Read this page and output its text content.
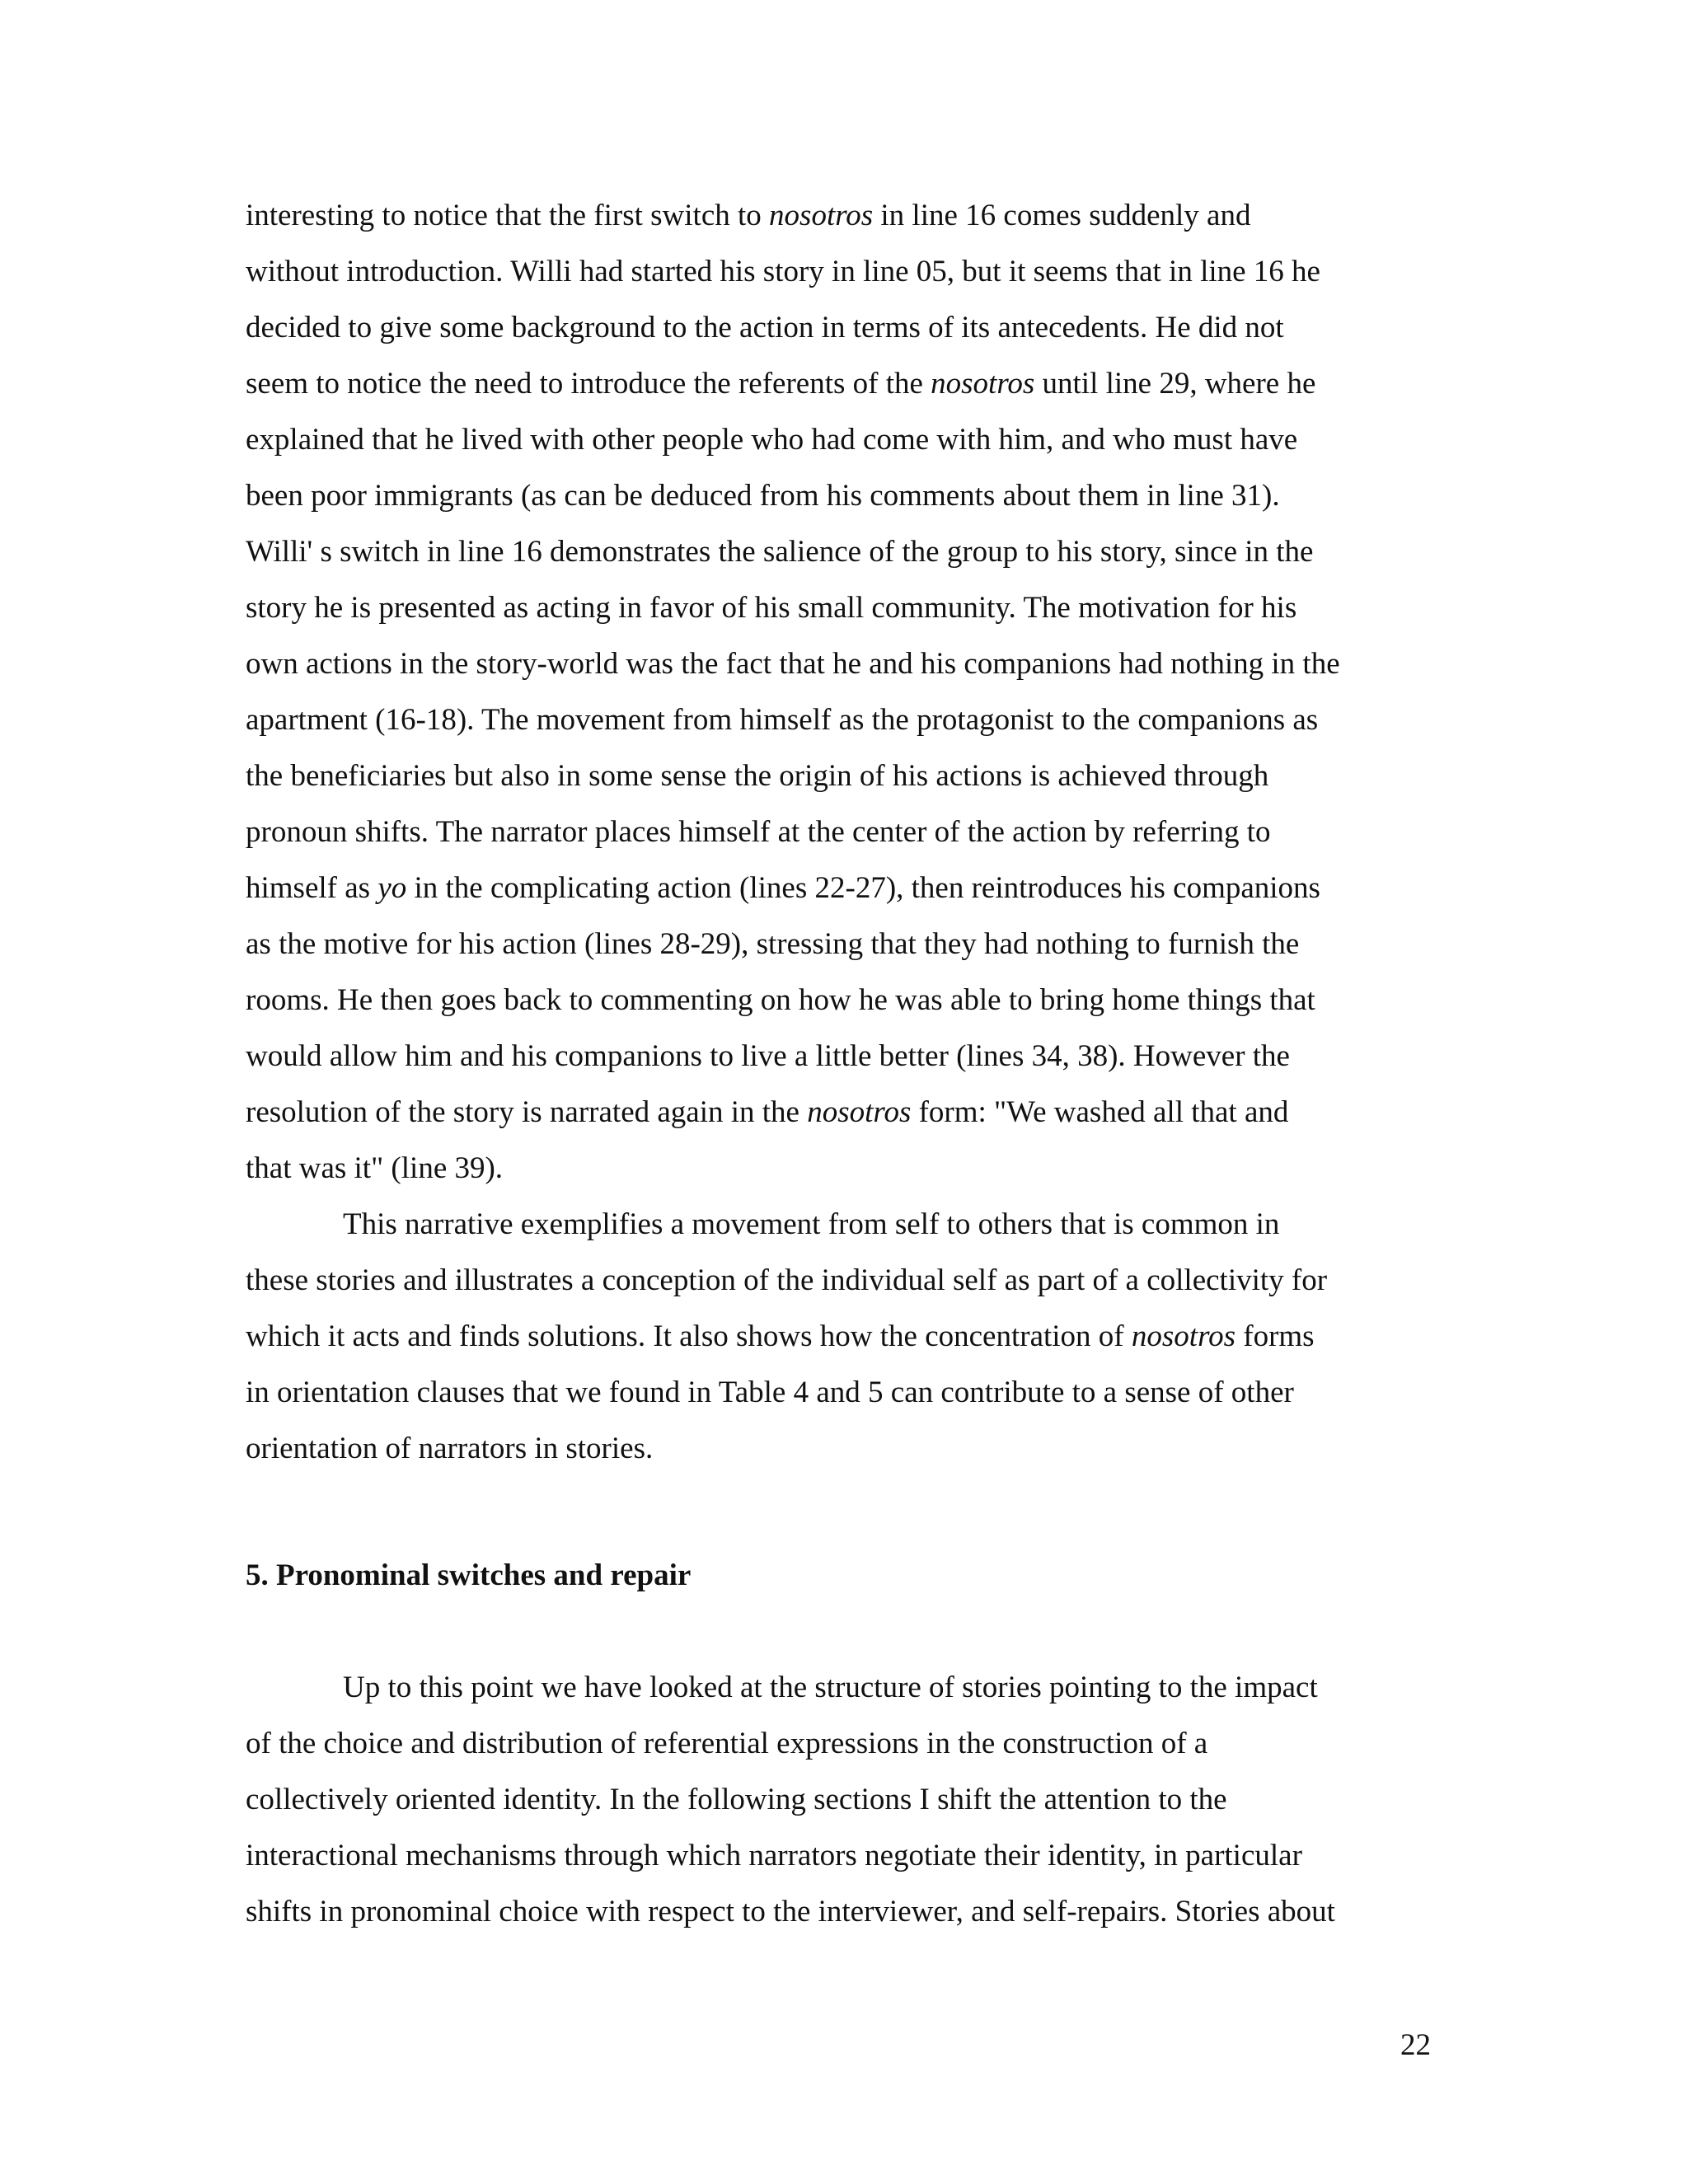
interesting to notice that the first switch to nosotros in line 16 comes suddenly and
without introduction. Willi had started his story in line 05, but it seems that in line 16 he
decided to give some background to the action in terms of its antecedents. He did not
seem to notice the need to introduce the referents of the nosotros until line 29, where he
explained that he lived with other people who had come with him, and who must have
been poor immigrants (as can be deduced from his comments about them in line 31).
Willi' s switch in line 16 demonstrates the salience of the group to his story, since in the
story he is presented as acting in favor of his small community. The motivation for his
own actions in the story-world was the fact that he and his companions had nothing in the
apartment (16-18). The movement from himself as the protagonist to the companions as
the beneficiaries but also in some sense the origin of his actions is achieved through
pronoun shifts. The narrator places himself at the center of the action by referring to
himself as yo in the complicating action (lines 22-27), then reintroduces his companions
as the motive for his action (lines 28-29), stressing that they had nothing to furnish the
rooms. He then goes back to commenting on how he was able to bring home things that
would allow him and his companions to live a little better (lines 34, 38). However the
resolution of the story is narrated again in the nosotros form: "We washed all that and
that was it" (line 39).
This narrative exemplifies a movement from self to others that is common in
these stories and illustrates a conception of the individual self as part of a collectivity for
which it acts and finds solutions. It also shows how the concentration of nosotros forms
in orientation clauses that we found in Table 4 and 5 can contribute to a sense of other
orientation of narrators in stories.
5. Pronominal switches and repair
Up to this point we have looked at the structure of stories pointing to the impact
of the choice and distribution of referential expressions in the construction of a
collectively oriented identity. In the following sections I shift the attention to the
interactional mechanisms through which narrators negotiate their identity, in particular
shifts in pronominal choice with respect to the interviewer, and self-repairs. Stories about
22
